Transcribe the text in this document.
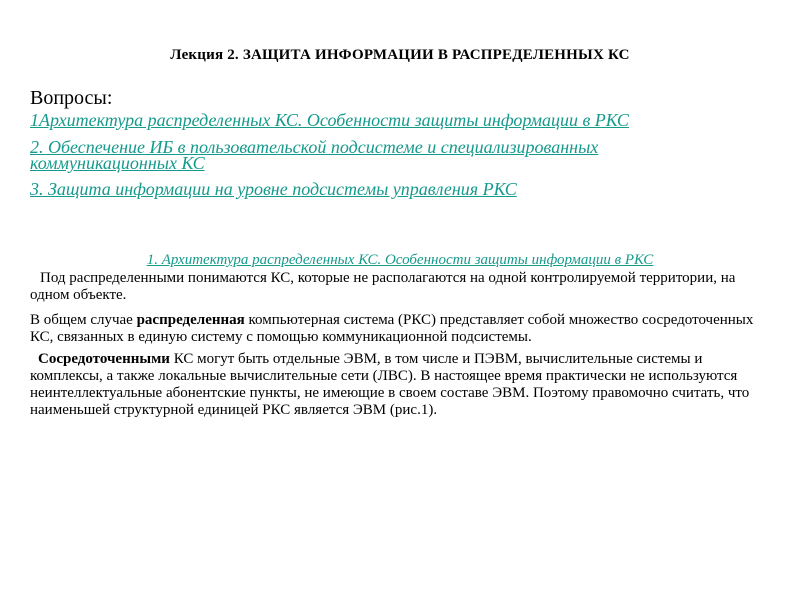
Лекция 2. ЗАЩИТА ИНФОРМАЦИИ В РАСПРЕДЕЛЕННЫХ КС
Вопросы:
1Архитектура распределенных КС. Особенности защиты информации в РКС
2. Обеспечение ИБ в пользовательской подсистеме и специализированных коммуникационных КС
3. Защита информации на уровне подсистемы управления РКС
1. Архитектура распределенных КС. Особенности защиты информации в РКС
Под распределенными понимаются КС, которые не располагаются на одной контролируемой территории, на одном объекте.
В общем случае распределенная компьютерная система (РКС) представляет собой множество сосредоточенных КС, связанных в единую систему с помощью коммуникационной подсистемы.
Сосредоточенными КС могут быть отдельные ЭВМ, в том числе и ПЭВМ, вычислительные системы и комплексы, а также локальные вычислительные сети (ЛВС). В настоящее время практически не используются неинтеллектуальные абонентские пункты, не имеющие в своем составе ЭВМ. Поэтому правомочно считать, что наименьшей структурной единицей РКС является ЭВМ (рис.1).
